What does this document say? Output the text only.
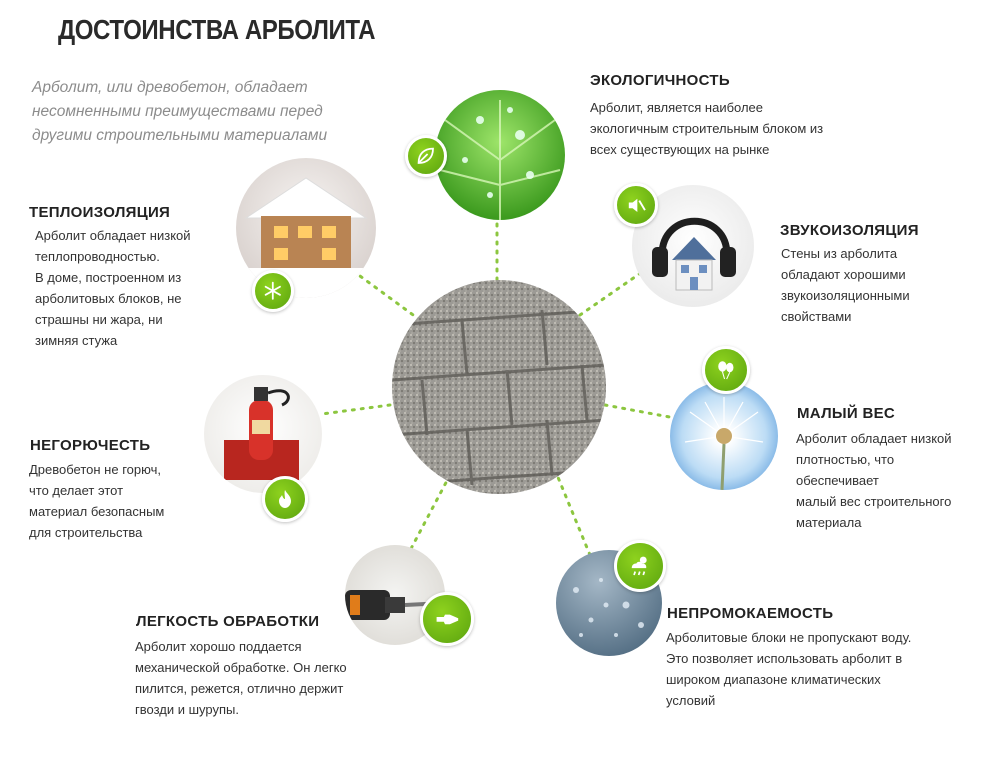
ДОСТОИНСТВА АРБОЛИТА
Арболит, или древобетон, обладает
несомненными преимуществами перед
другими строительными материалами
ЭКОЛОГИЧНОСТЬ
Арболит, является наиболее
экологичным строительным блоком из
всех существующих на рынке
ЗВУКОИЗОЛЯЦИЯ
Стены из арболита
обладают хорошими
звукоизоляционными
свойствами
МАЛЫЙ ВЕС
Арболит обладает низкой
плотностью, что
обеспечивает
малый вес строительного
материала
НЕПРОМОКАЕМОСТЬ
Арболитовые блоки не пропускают воду.
Это позволяет использовать арболит в
широком диапазоне климатических
условий
ЛЕГКОСТЬ ОБРАБОТКИ
Арболит хорошо поддается
механической обработке. Он легко
пилится, режется, отлично держит
гвозди и шурупы.
НЕГОРЮЧЕСТЬ
Древобетон не горюч,
что делает этот
материал безопасным
для строительства
ТЕПЛОИЗОЛЯЦИЯ
Арболит обладает низкой
теплопроводностью.
В доме, построенном из
арболитовых блоков, не
страшны ни жара, ни
зимняя стужа
